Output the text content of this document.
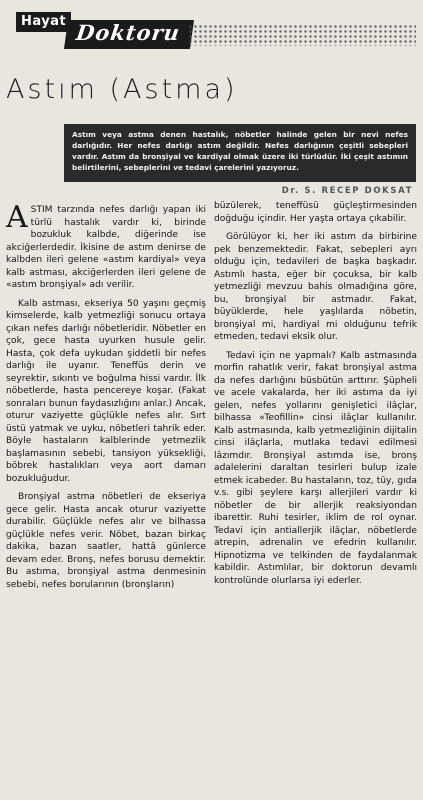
Hayat Doktoru
Astım (Astma)
Astım veya astma denen hastalık, nöbetler halinde gelen bir nevi nefes darlığıdır. Her nefes darlığı astım değildir. Nefes darlığının çeşitli sebepleri vardır. Astım da bronşiyal ve kardiyal olmak üzere iki türlüdür. İki çeşit astımın belirtilerini, sebeplerini ve tedavi çarelerini yazıyoruz.
Dr. S. RECEP DOKSAT

ASTIM tarzında nefes darlığı yapan iki türlü hastalık vardır ki, birinde bozukluk kalbde, diğerinde ise akciğerlerdedir. İkisine de astım denirse de kalbden ileri gelene «astım kardiyal» veya kalb astması, akciğerlerden ileri gelene de «astım bronşiyal» adı verilir.

Kalb astması, ekseriya 50 yaşını geçmiş kimselerde, kalb yetmezliği sonucu ortaya çıkan nefes darlığı nöbetleridir. Nöbetler en çok, gece hasta uyurken husule gelir. Hasta, çok defa uykudan şiddetli bir nefes darlığı ile uyanır. Teneffüs derin ve seyrektir, sıkıntı ve boğulma hissi vardır. İlk nöbetlerde, hasta pencereye koşar. (Fakat sonraları bunun faydasızlığını anlar.) Ancak, oturur vaziyette güçlükle nefes alır. Sırt üstü yatmak ve uyku, nöbetleri tahrik eder. Böyle hastaların kalblerinde yetmezlik başlamasının sebebi, tansiyon yüksekliği, böbrek hastalıkları veya aort damarı bozukluğudur.

Bronşiyal astma nöbetleri de ekseriya gece gelir. Hasta ancak oturur vaziyette durabilir. Güçlükle nefes alır ve bilhassa güçlükle nefes verir. Nöbet, bazan birkaç dakika, bazan saatler, hattâ günlerce devam eder. Bronş, nefes borusu demektir. Bu astıma, bronşiyal astma denmesinin sebebi, nefes borularının (bronşların)

büzülerek, teneffüsü güçleştirmesinden doğduğu içindir. Her yaşta ortaya çıkabilir.

Görülüyor ki, her iki astım da birbirine pek benzemektedir. Fakat, sebepleri ayrı olduğu için, tedavileri de başka başkadır. Astımlı hasta, eğer bir çocuksa, bir kalb yetmezliği mevzuu bahis olmadığına göre, bu, bronşiyal bir astmadır. Fakat, büyüklerde, hele yaşlılarda nöbetin, bronşiyal mi, hardiyal mi olduğunu tefrik etmeden, tedavi eksik olur.

Tedavi için ne yapmalı? Kalb astmasında morfin rahatlık verir, fakat bronşiyal astma da nefes darlığını büsbütün arttırır. Şüpheli ve acele vakalarda, her iki astıma da iyi gelen, nefes yollarını genişletici ilâçlar, bilhassa «Teofillin» cinsi ilâçlar kullanılır. Kalb astmasında, kalb yetmezliğinin dijitalin cinsi ilâçlarla, mutlaka tedavi edilmesi lâzımdır. Bronşiyal astımda ise, bronş adalelerini daraltan tesirleri bulup izale etmek icabeder. Bu hastaların, toz, tüy, gıda v.s. gibi şeylere karşı allerjileri vardır ki nöbetler de bir allerjik reaksiyondan ibarettir. Ruhi tesirler, iklim de rol oynar. Tedavi için antiallerjik ilâçlar, nöbetlerde atrepin, adrenalin ve efedrin kullanılır. Hipnotizma ve telkinden de faydalanmak kabildir. Astımlılar, bir doktorun devamlı kontrolünde olurlarsa iyi ederler.
